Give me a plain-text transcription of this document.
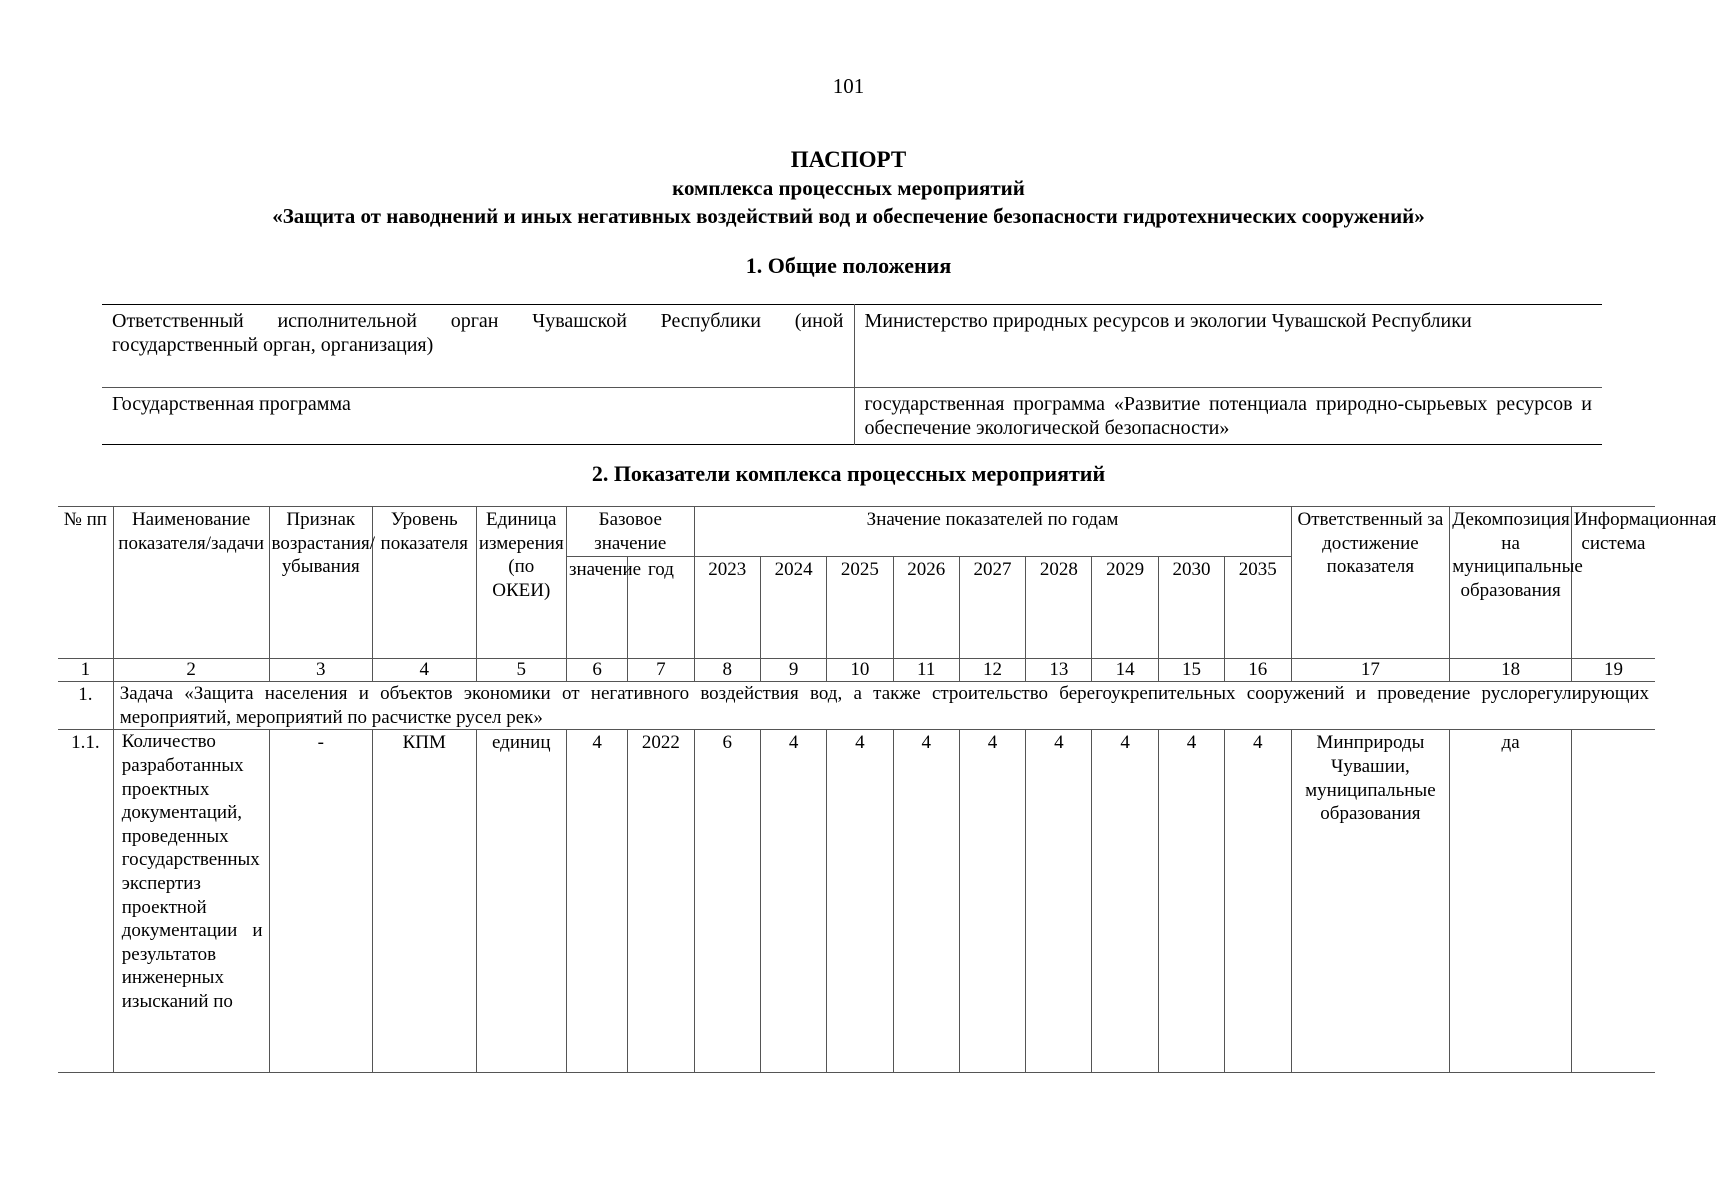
101
ПАСПОРТ
комплекса процессных мероприятий
«Защита от наводнений и иных негативных воздействий вод и обеспечение безопасности гидротехнических сооружений»
1. Общие положения
Ответственный исполнительной орган Чувашской Республики (иной государственный орган, организация)	Министерство природных ресурсов и экологии Чувашской Республики
Государственная программа	государственная программа «Развитие потенциала природно-сырьевых ресурсов и обеспечение экологической безопасности»
2. Показатели комплекса процессных мероприятий
№ пп	Наименование показателя/задачи	Признак возрастания/ убывания	Уровень показателя	Единица измерения (по ОКЕИ)	Базовое значение		Значение показателей по годам									Ответственный за достижение показателя	Декомпозиция на муниципальные образования	Информационная система
					значение	год	2023	2024	2025	2026	2027	2028	2029	2030	2035			
1	2	3	4	5	6	7	8	9	10	11	12	13	14	15	16	17	18	19
1.	Задача «Защита населения и объектов экономики от негативного воздействия вод, а также строительство берегоукрепительных сооружений и проведение руслорегулирующих мероприятий, мероприятий по расчистке русел рек»																	
1.1.	Количество разработанных проектных документаций, проведенных государственных экспертиз проектной документации и результатов инженерных изысканий по	-	КПМ	единиц	4	2022	6	4	4	4	4	4	4	4	4	Минприроды Чувашии, муниципальные образования	да	
